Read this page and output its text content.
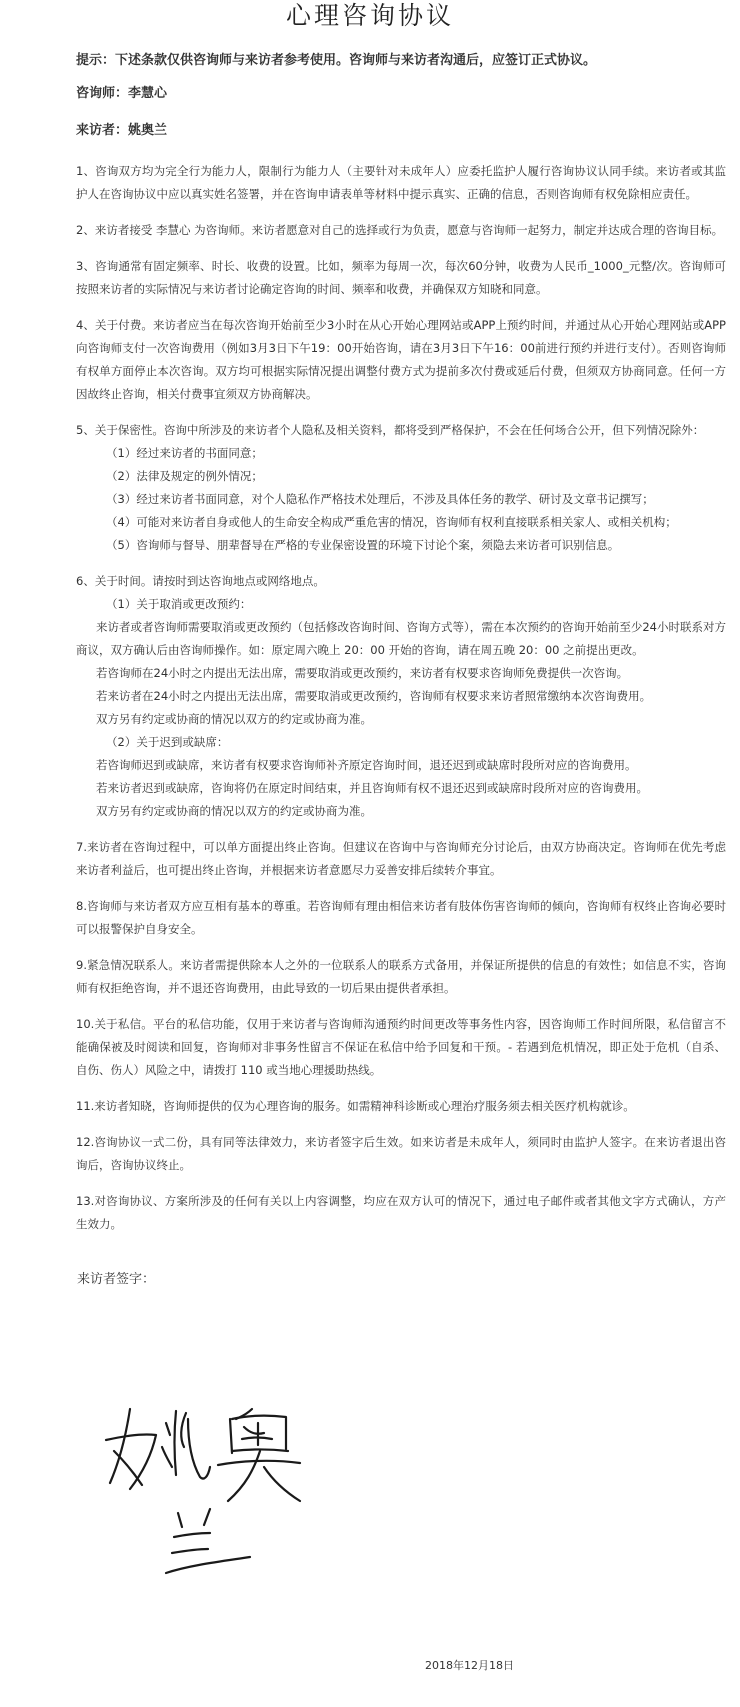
心理咨询协议
提示：下述条款仅供咨询师与来访者参考使用。咨询师与来访者沟通后，应签订正式协议。
咨询师：李慧心
来访者：姚奥兰
1、咨询双方均为完全行为能力人，限制行为能力人（主要针对未成年人）应委托监护人履行咨询协议认同手续。来访者或其监护人在咨询协议中应以真实姓名签署，并在咨询申请表单等材料中提示真实、正确的信息，否则咨询师有权免除相应责任。
2、来访者接受 李慧心 为咨询师。来访者愿意对自己的选择或行为负责，愿意与咨询师一起努力，制定并达成合理的咨询目标。
3、咨询通常有固定频率、时长、收费的设置。比如，频率为每周一次，每次60分钟，收费为人民币_1000_元整/次。咨询师可按照来访者的实际情况与来访者讨论确定咨询的时间、频率和收费，并确保双方知晓和同意。
4、关于付费。来访者应当在每次咨询开始前至少3小时在从心开始心理网站或APP上预约时间，并通过从心开始心理网站或APP向咨询师支付一次咨询费用（例如3月3日下午19：00开始咨询，请在3月3日下午16：00前进行预约并进行支付）。否则咨询师有权单方面停止本次咨询。双方均可根据实际情况提出调整付费方式为提前多次付费或延后付费，但须双方协商同意。任何一方因故终止咨询，相关付费事宜须双方协商解决。
5、关于保密性。咨询中所涉及的来访者个人隐私及相关资料，都将受到严格保护，不会在任何场合公开，但下列情况除外：
（1）经过来访者的书面同意；
（2）法律及规定的例外情况；
（3）经过来访者书面同意，对个人隐私作严格技术处理后，不涉及具体任务的教学、研讨及文章书记撰写；
（4）可能对来访者自身或他人的生命安全构成严重危害的情况，咨询师有权利直接联系相关家人、或相关机构；
（5）咨询师与督导、朋辈督导在严格的专业保密设置的环境下讨论个案，须隐去来访者可识别信息。
6、关于时间。请按时到达咨询地点或网络地点。
（1）关于取消或更改预约：
来访者或者咨询师需要取消或更改预约（包括修改咨询时间、咨询方式等），需在本次预约的咨询开始前至少24小时联系对方商议，双方确认后由咨询师操作。如：原定周六晚上 20：00 开始的咨询，请在周五晚 20：00 之前提出更改。
若咨询师在24小时之内提出无法出席，需要取消或更改预约，来访者有权要求咨询师免费提供一次咨询。
若来访者在24小时之内提出无法出席，需要取消或更改预约，咨询师有权要求来访者照常缴纳本次咨询费用。
双方另有约定或协商的情况以双方的约定或协商为准。
（2）关于迟到或缺席：
若咨询师迟到或缺席，来访者有权要求咨询师补齐原定咨询时间，退还迟到或缺席时段所对应的咨询费用。
若来访者迟到或缺席，咨询将仍在原定时间结束，并且咨询师有权不退还迟到或缺席时段所对应的咨询费用。
双方另有约定或协商的情况以双方的约定或协商为准。
7.来访者在咨询过程中，可以单方面提出终止咨询。但建议在咨询中与咨询师充分讨论后，由双方协商决定。咨询师在优先考虑来访者利益后，也可提出终止咨询，并根据来访者意愿尽力妥善安排后续转介事宜。
8.咨询师与来访者双方应互相有基本的尊重。若咨询师有理由相信来访者有肢体伤害咨询师的倾向，咨询师有权终止咨询必要时可以报警保护自身安全。
9.紧急情况联系人。来访者需提供除本人之外的一位联系人的联系方式备用，并保证所提供的信息的有效性；如信息不实，咨询师有权拒绝咨询，并不退还咨询费用，由此导致的一切后果由提供者承担。
10.关于私信。平台的私信功能，仅用于来访者与咨询师沟通预约时间更改等事务性内容，因咨询师工作时间所限，私信留言不能确保被及时阅读和回复，咨询师对非事务性留言不保证在私信中给予回复和干预。- 若遇到危机情况，即正处于危机（自杀、自伤、伤人）风险之中，请拨打 110 或当地心理援助热线。
11.来访者知晓，咨询师提供的仅为心理咨询的服务。如需精神科诊断或心理治疗服务须去相关医疗机构就诊。
12.咨询协议一式二份，具有同等法律效力，来访者签字后生效。如来访者是未成年人，须同时由监护人签字。在来访者退出咨询后，咨询协议终止。
13.对咨询协议、方案所涉及的任何有关以上内容调整，均应在双方认可的情况下，通过电子邮件或者其他文字方式确认，方产生效力。
来访者签字：
2018年12月18日
